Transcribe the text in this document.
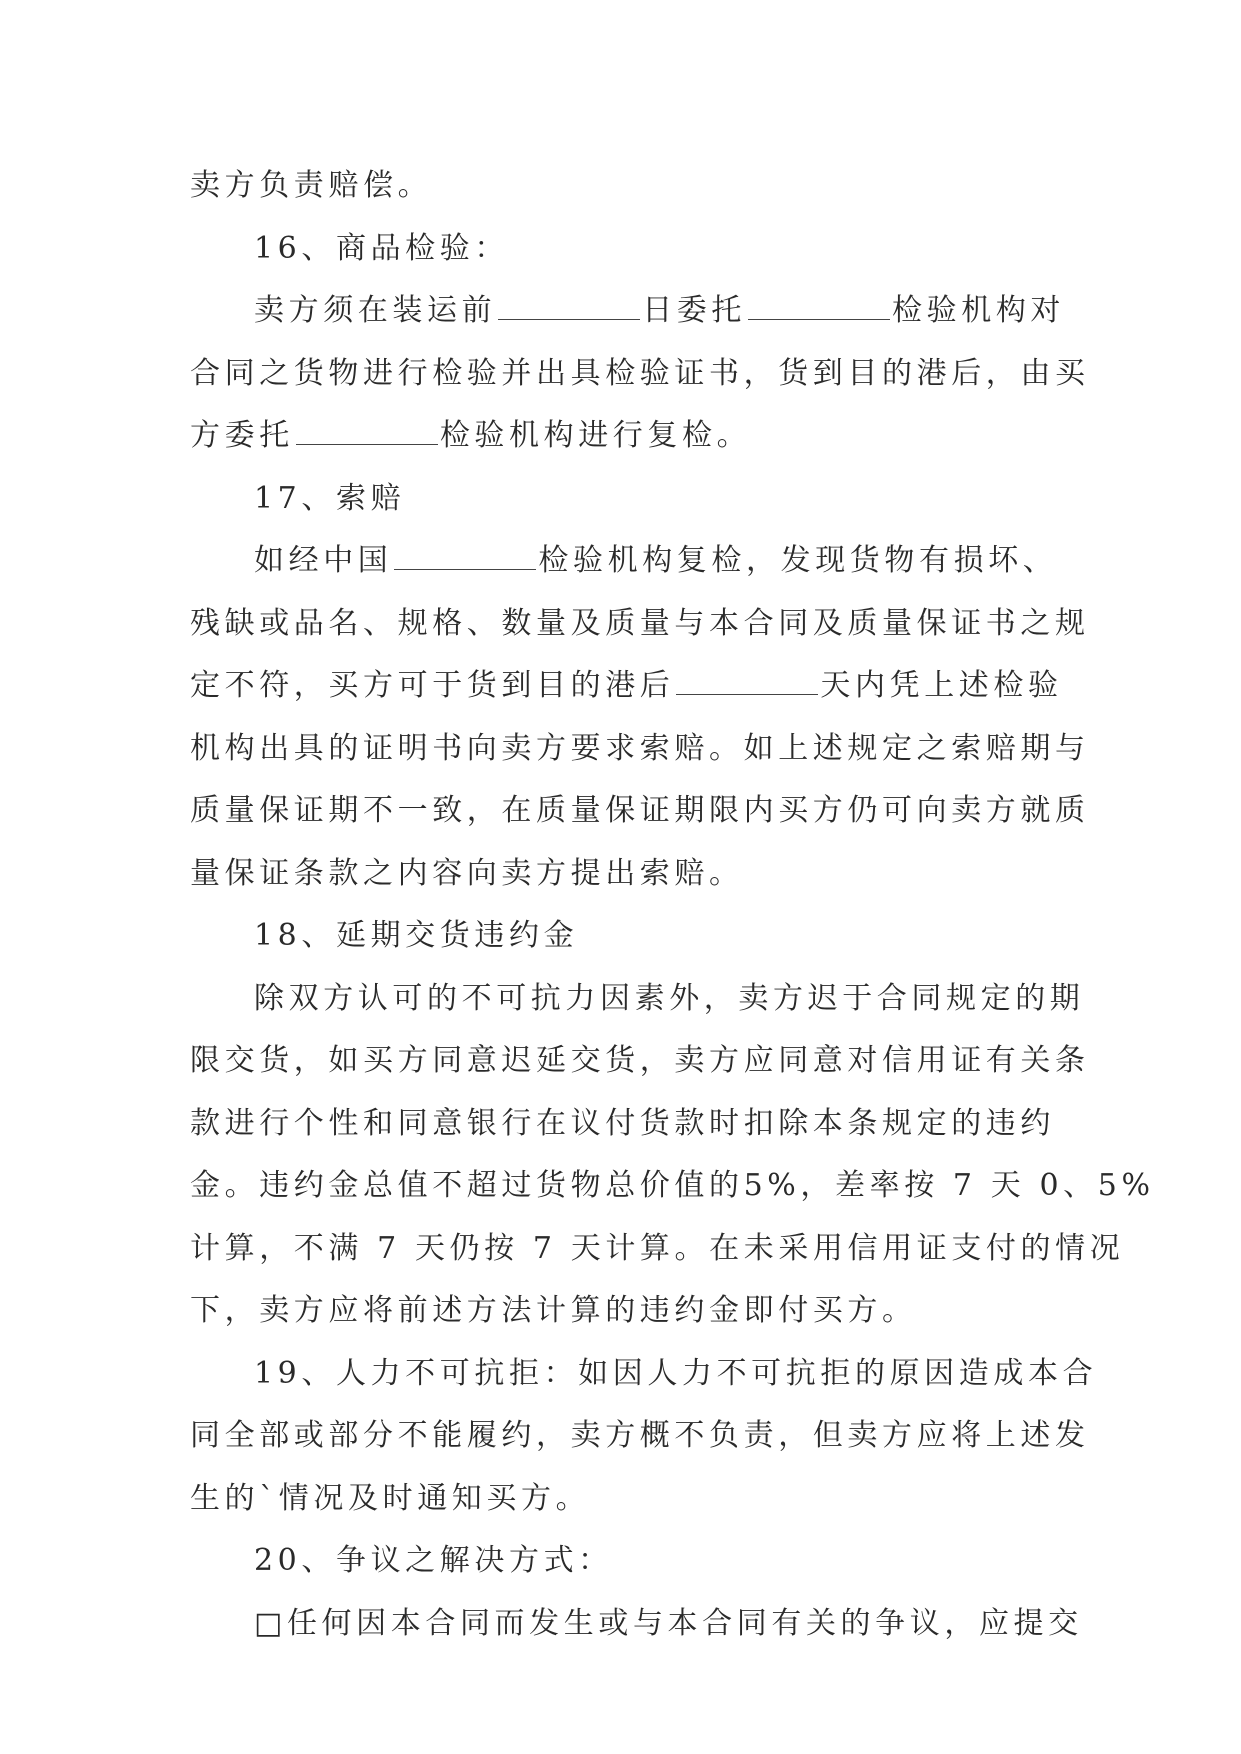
卖方负责赔偿。
16、商品检验：
卖方须在装运前	日委托	检验机构对
合同之货物进行检验并出具检验证书，货到目的港后，由买
方委托	检验机构进行复检。
17、索赔
如经中国	检验机构复检，发现货物有损坏、
残缺或品名、规格、数量及质量与本合同及质量保证书之规
定不符，买方可于货到目的港后	天内凭上述检验
机构出具的证明书向卖方要求索赔。如上述规定之索赔期与
质量保证期不一致，在质量保证期限内买方仍可向卖方就质
量保证条款之内容向卖方提出索赔。
18、延期交货违约金
除双方认可的不可抗力因素外，卖方迟于合同规定的期
限交货，如买方同意迟延交货，卖方应同意对信用证有关条
款进行个性和同意银行在议付货款时扣除本条规定的违约
金。违约金总值不超过货物总价值的5%，差率按 7 天 0、5%
计算，不满 7 天仍按 7 天计算。在未采用信用证支付的情况
下，卖方应将前述方法计算的违约金即付买方。
19、人力不可抗拒：如因人力不可抗拒的原因造成本合
同全部或部分不能履约，卖方概不负责，但卖方应将上述发
生的`情况及时通知买方。
20、争议之解决方式：
□任何因本合同而发生或与本合同有关的争议，应提交
